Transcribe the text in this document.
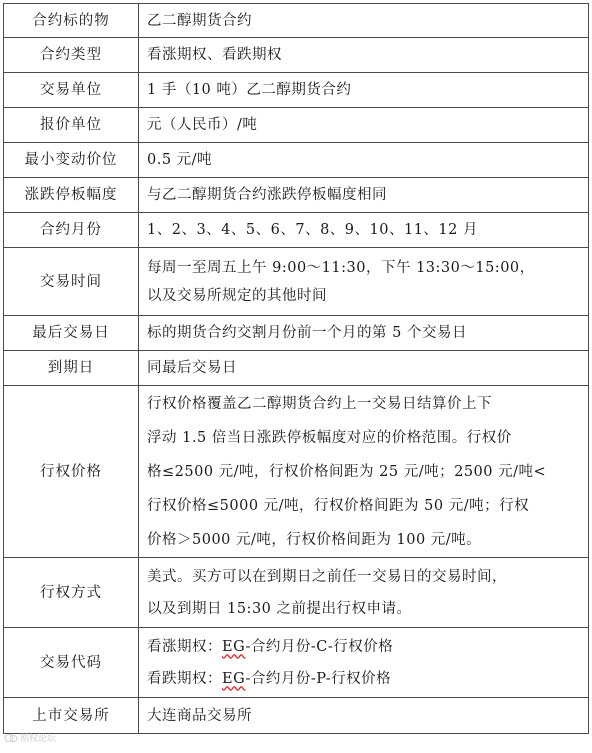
合约标的物	乙二醇期货合约

合约类型	看涨期权、看跌期权

交易单位	1 手（10 吨）乙二醇期货合约

报价单位	元（人民币）/吨

最小变动价位	0.5 元/吨

涨跌停板幅度	与乙二醇期货合约涨跌停板幅度相同

合约月份	1、2、3、4、5、6、7、8、9、10、11、12 月

交易时间	每周一至周五上午 9:00～11:30，下午 13:30～15:00，
以及交易所规定的其他时间

最后交易日	标的期货合约交割月份前一个月的第 5 个交易日

到期日	同最后交易日

行权价格	行权价格覆盖乙二醇期货合约上一交易日结算价上下
浮动 1.5 倍当日涨跌停板幅度对应的价格范围。行权价
格≤2500 元/吨，行权价格间距为 25 元/吨；2500 元/吨<
行权价格≤5000 元/吨，行权价格间距为 50 元/吨；行权
价格＞5000 元/吨，行权价格间距为 100 元/吨。

行权方式	美式。买方可以在到期日之前任一交易日的交易时间，
以及到期日 15:30 之前提出行权申请。

交易代码	看涨期权：EG-合约月份-C-行权价格
看跌期权：EG-合约月份-P-行权价格

上市交易所	大连商品交易所
期权论坛
